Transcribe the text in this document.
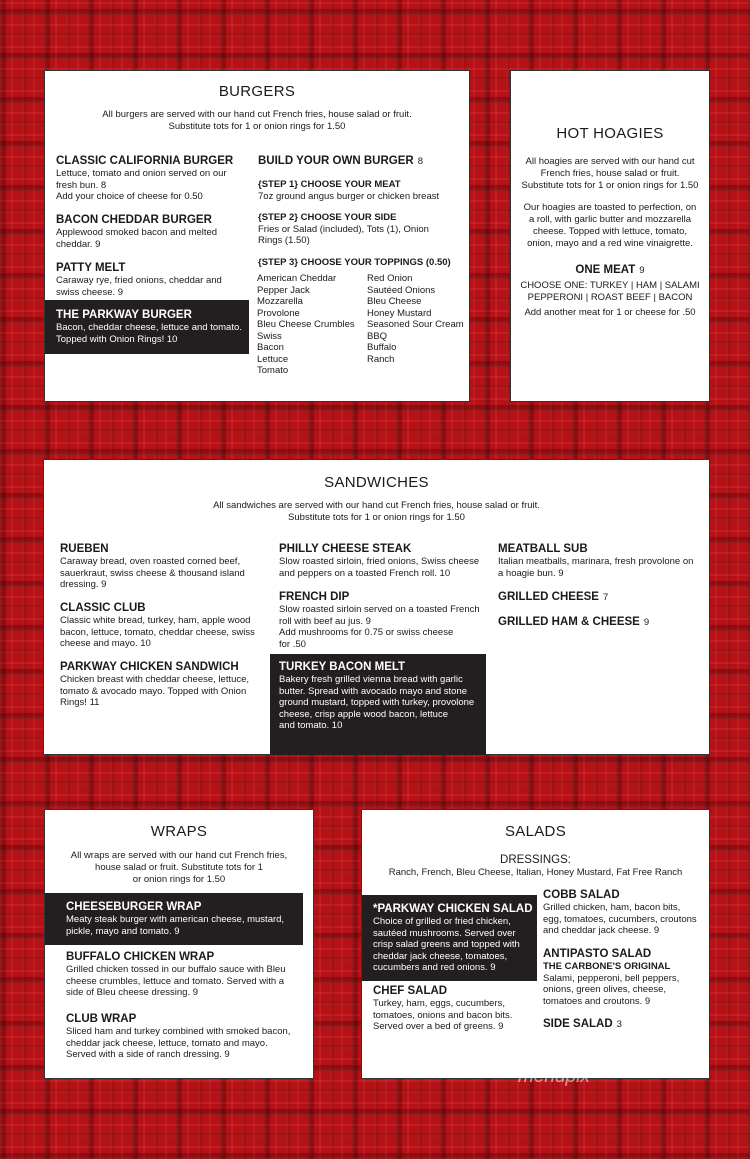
BURGERS
All burgers are served with our hand cut French fries, house salad or fruit.
Substitute tots for 1 or onion rings for 1.50
CLASSIC CALIFORNIA BURGER
Lettuce, tomato and onion served on our
fresh bun. 8
Add your choice of cheese for 0.50
BACON CHEDDAR BURGER
Applewood smoked bacon and melted
cheddar. 9
PATTY MELT
Caraway rye, fried onions, cheddar and
swiss cheese. 9
THE PARKWAY BURGER
Bacon, cheddar cheese, lettuce and tomato.
Topped with Onion Rings! 10
BUILD YOUR OWN BURGER 8
{STEP 1} CHOOSE YOUR MEAT
7oz ground angus burger or chicken breast
{STEP 2} CHOOSE YOUR SIDE
Fries or Salad (included), Tots (1), Onion
Rings (1.50)
{STEP 3} CHOOSE YOUR TOPPINGS (0.50)
American Cheddar
Pepper Jack
Mozzarella
Provolone
Bleu Cheese Crumbles
Swiss
Bacon
Lettuce
Tomato
Red Onion
Sautéed Onions
Bleu Cheese
Honey Mustard
Seasoned Sour Cream
BBQ
Buffalo
Ranch
HOT HOAGIES
All hoagies are served with our hand cut
French fries, house salad or fruit.
Substitute tots for 1 or onion rings for 1.50
Our hoagies are toasted to perfection, on
a roll, with garlic butter and mozzarella
cheese. Topped with lettuce, tomato,
onion, mayo and a red wine vinaigrette.
ONE MEAT 9
CHOOSE ONE: TURKEY | HAM | SALAMI
PEPPERONI | ROAST BEEF | BACON
Add another meat for 1 or cheese for .50
SANDWICHES
All sandwiches are served with our hand cut French fries, house salad or fruit.
Substitute tots for 1 or onion rings for 1.50
RUEBEN
Caraway bread, oven roasted corned beef,
sauerkraut, swiss cheese & thousand island
dressing. 9
CLASSIC CLUB
Classic white bread, turkey, ham, apple wood
bacon, lettuce, tomato, cheddar cheese, swiss
cheese and mayo. 10
PARKWAY CHICKEN SANDWICH
Chicken breast with cheddar cheese, lettuce,
tomato & avocado mayo. Topped with Onion
Rings! 11
PHILLY CHEESE STEAK
Slow roasted sirloin, fried onions, Swiss cheese
and peppers on a toasted French roll. 10
FRENCH DIP
Slow roasted sirloin served on a toasted French
roll with beef au jus. 9
Add mushrooms for 0.75 or swiss cheese
for .50
TURKEY BACON MELT
Bakery fresh grilled vienna bread with garlic
butter. Spread with avocado mayo and stone
ground mustard, topped with turkey, provolone
cheese, crisp apple wood bacon, lettuce
and tomato. 10
MEATBALL SUB
Italian meatballs, marinara, fresh provolone on
a hoagie bun. 9
GRILLED CHEESE 7
GRILLED HAM & CHEESE 9
WRAPS
All wraps are served with our hand cut French fries,
house salad or fruit. Substitute tots for 1
or onion rings for 1.50
CHEESEBURGER WRAP
Meaty steak burger with american cheese, mustard,
pickle, mayo and tomato. 9
BUFFALO CHICKEN WRAP
Grilled chicken tossed in our buffalo sauce with Bleu
cheese crumbles, lettuce and tomato. Served with a
side of Bleu cheese dressing. 9
CLUB WRAP
Sliced ham and turkey combined with smoked bacon,
cheddar jack cheese, lettuce, tomato and mayo.
Served with a side of ranch dressing. 9
SALADS
DRESSINGS:
Ranch, French, Bleu Cheese, Italian, Honey Mustard, Fat Free Ranch
*PARKWAY CHICKEN SALAD
Choice of grilled or fried chicken,
sautéed mushrooms. Served over
crisp salad greens and topped with
cheddar jack cheese, tomatoes,
cucumbers and red onions. 9
CHEF SALAD
Turkey, ham, eggs, cucumbers,
tomatoes, onions and bacon bits.
Served over a bed of greens. 9
COBB SALAD
Grilled chicken, ham, bacon bits,
egg, tomatoes, cucumbers, croutons
and cheddar jack cheese. 9
ANTIPASTO SALAD
THE CARBONE'S ORIGINAL
Salami, pepperoni, bell peppers,
onions, green olives, cheese,
tomatoes and croutons. 9
SIDE SALAD 3
menupix
